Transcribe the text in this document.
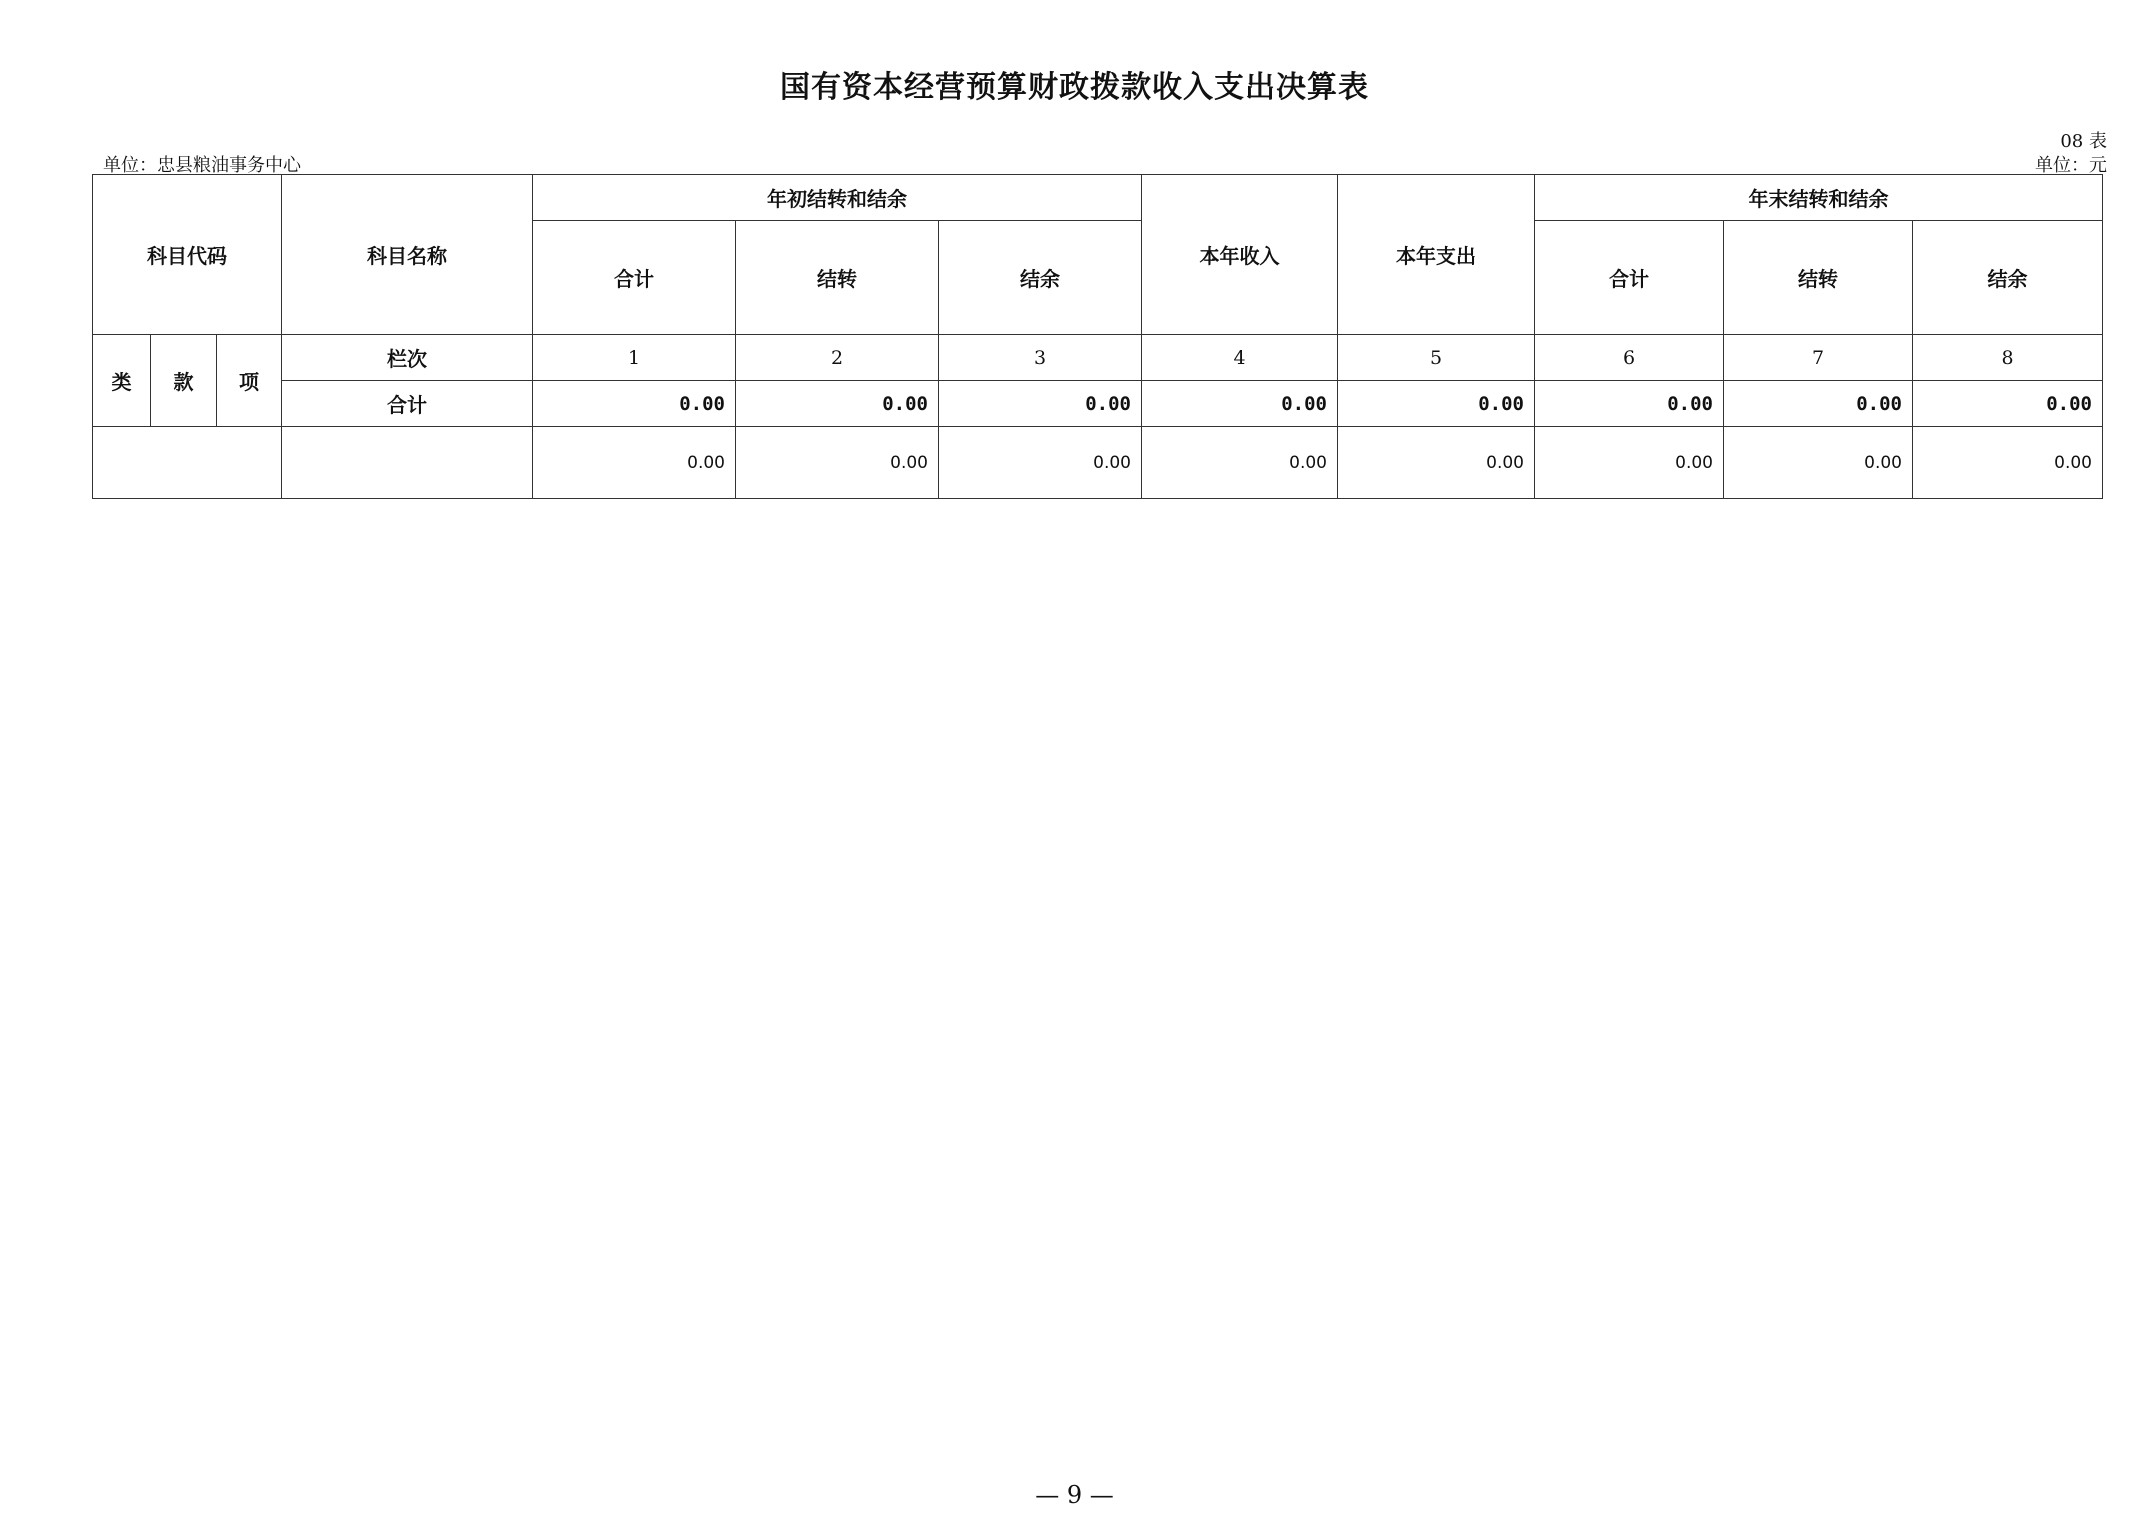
国有资本经营预算财政拨款收入支出决算表
08 表
单位：忠县粮油事务中心	单位：元
科目代码			科目名称	年初结转和结余			本年收入	本年支出	年末结转和结余		
				合计	结转	结余			合计	结转	结余
类	款	项	栏次	1	2	3	4	5	6	7	8
			合计	0.00	0.00	0.00	0.00	0.00	0.00	0.00	0.00
				0.00	0.00	0.00	0.00	0.00	0.00	0.00	0.00
— 9 —
